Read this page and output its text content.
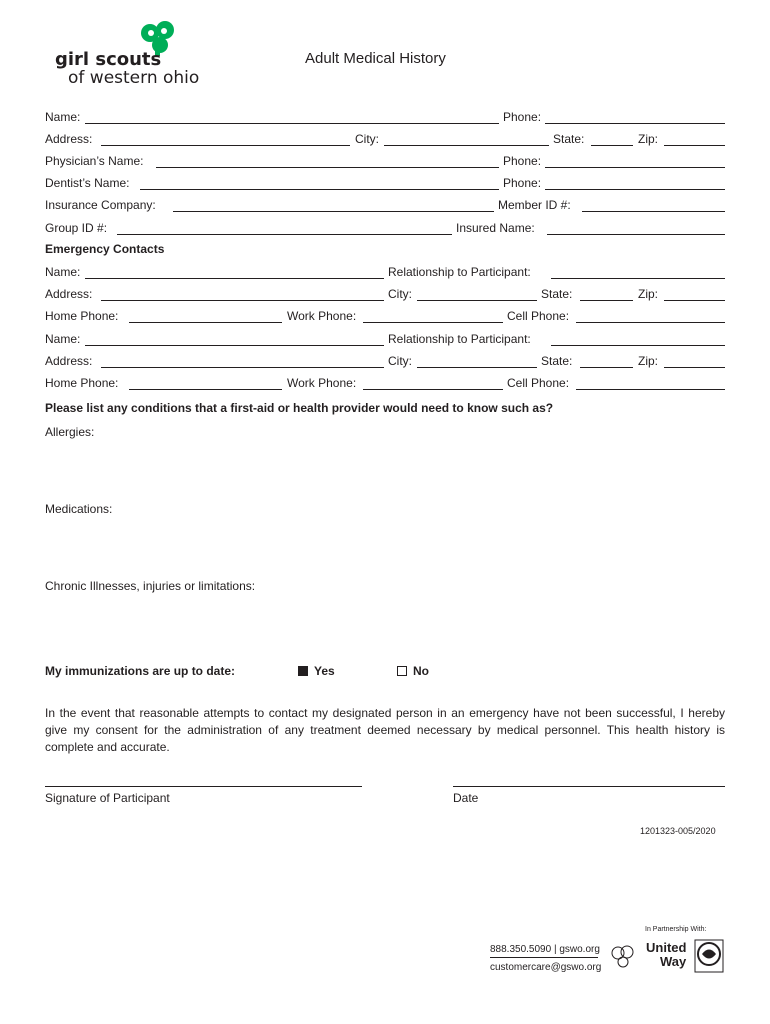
girl scouts
of western ohio
Adult Medical History
Name:	Phone:
Address:	City:	State:	Zip:
Physician’s Name:	Phone:
Dentist’s Name:	Phone:
Insurance Company:	Member ID #:
Group ID #:	Insured Name:
Emergency Contacts
Name:	Relationship to Participant:
Address:	City:	State:	Zip:
Home Phone:	Work Phone:	Cell Phone:
Name:	Relationship to Participant:
Address:	City:	State:	Zip:
Home Phone:	Work Phone:	Cell Phone:
Please list any conditions that a first-aid or health provider would need to know such as?
Allergies:
Medications:
Chronic Illnesses, injuries or limitations:
My immunizations are up to date:	Yes	No
In the event that reasonable attempts to contact my designated person in an emergency have not been successful, I hereby give my consent for the administration of any treatment deemed necessary by medical personnel. This health history is complete and accurate.
Signature of Participant	Date
1201323-005/2020
888.350.5090 | gswo.org
customercare@gswo.org
In Partnership With:
United
Way
